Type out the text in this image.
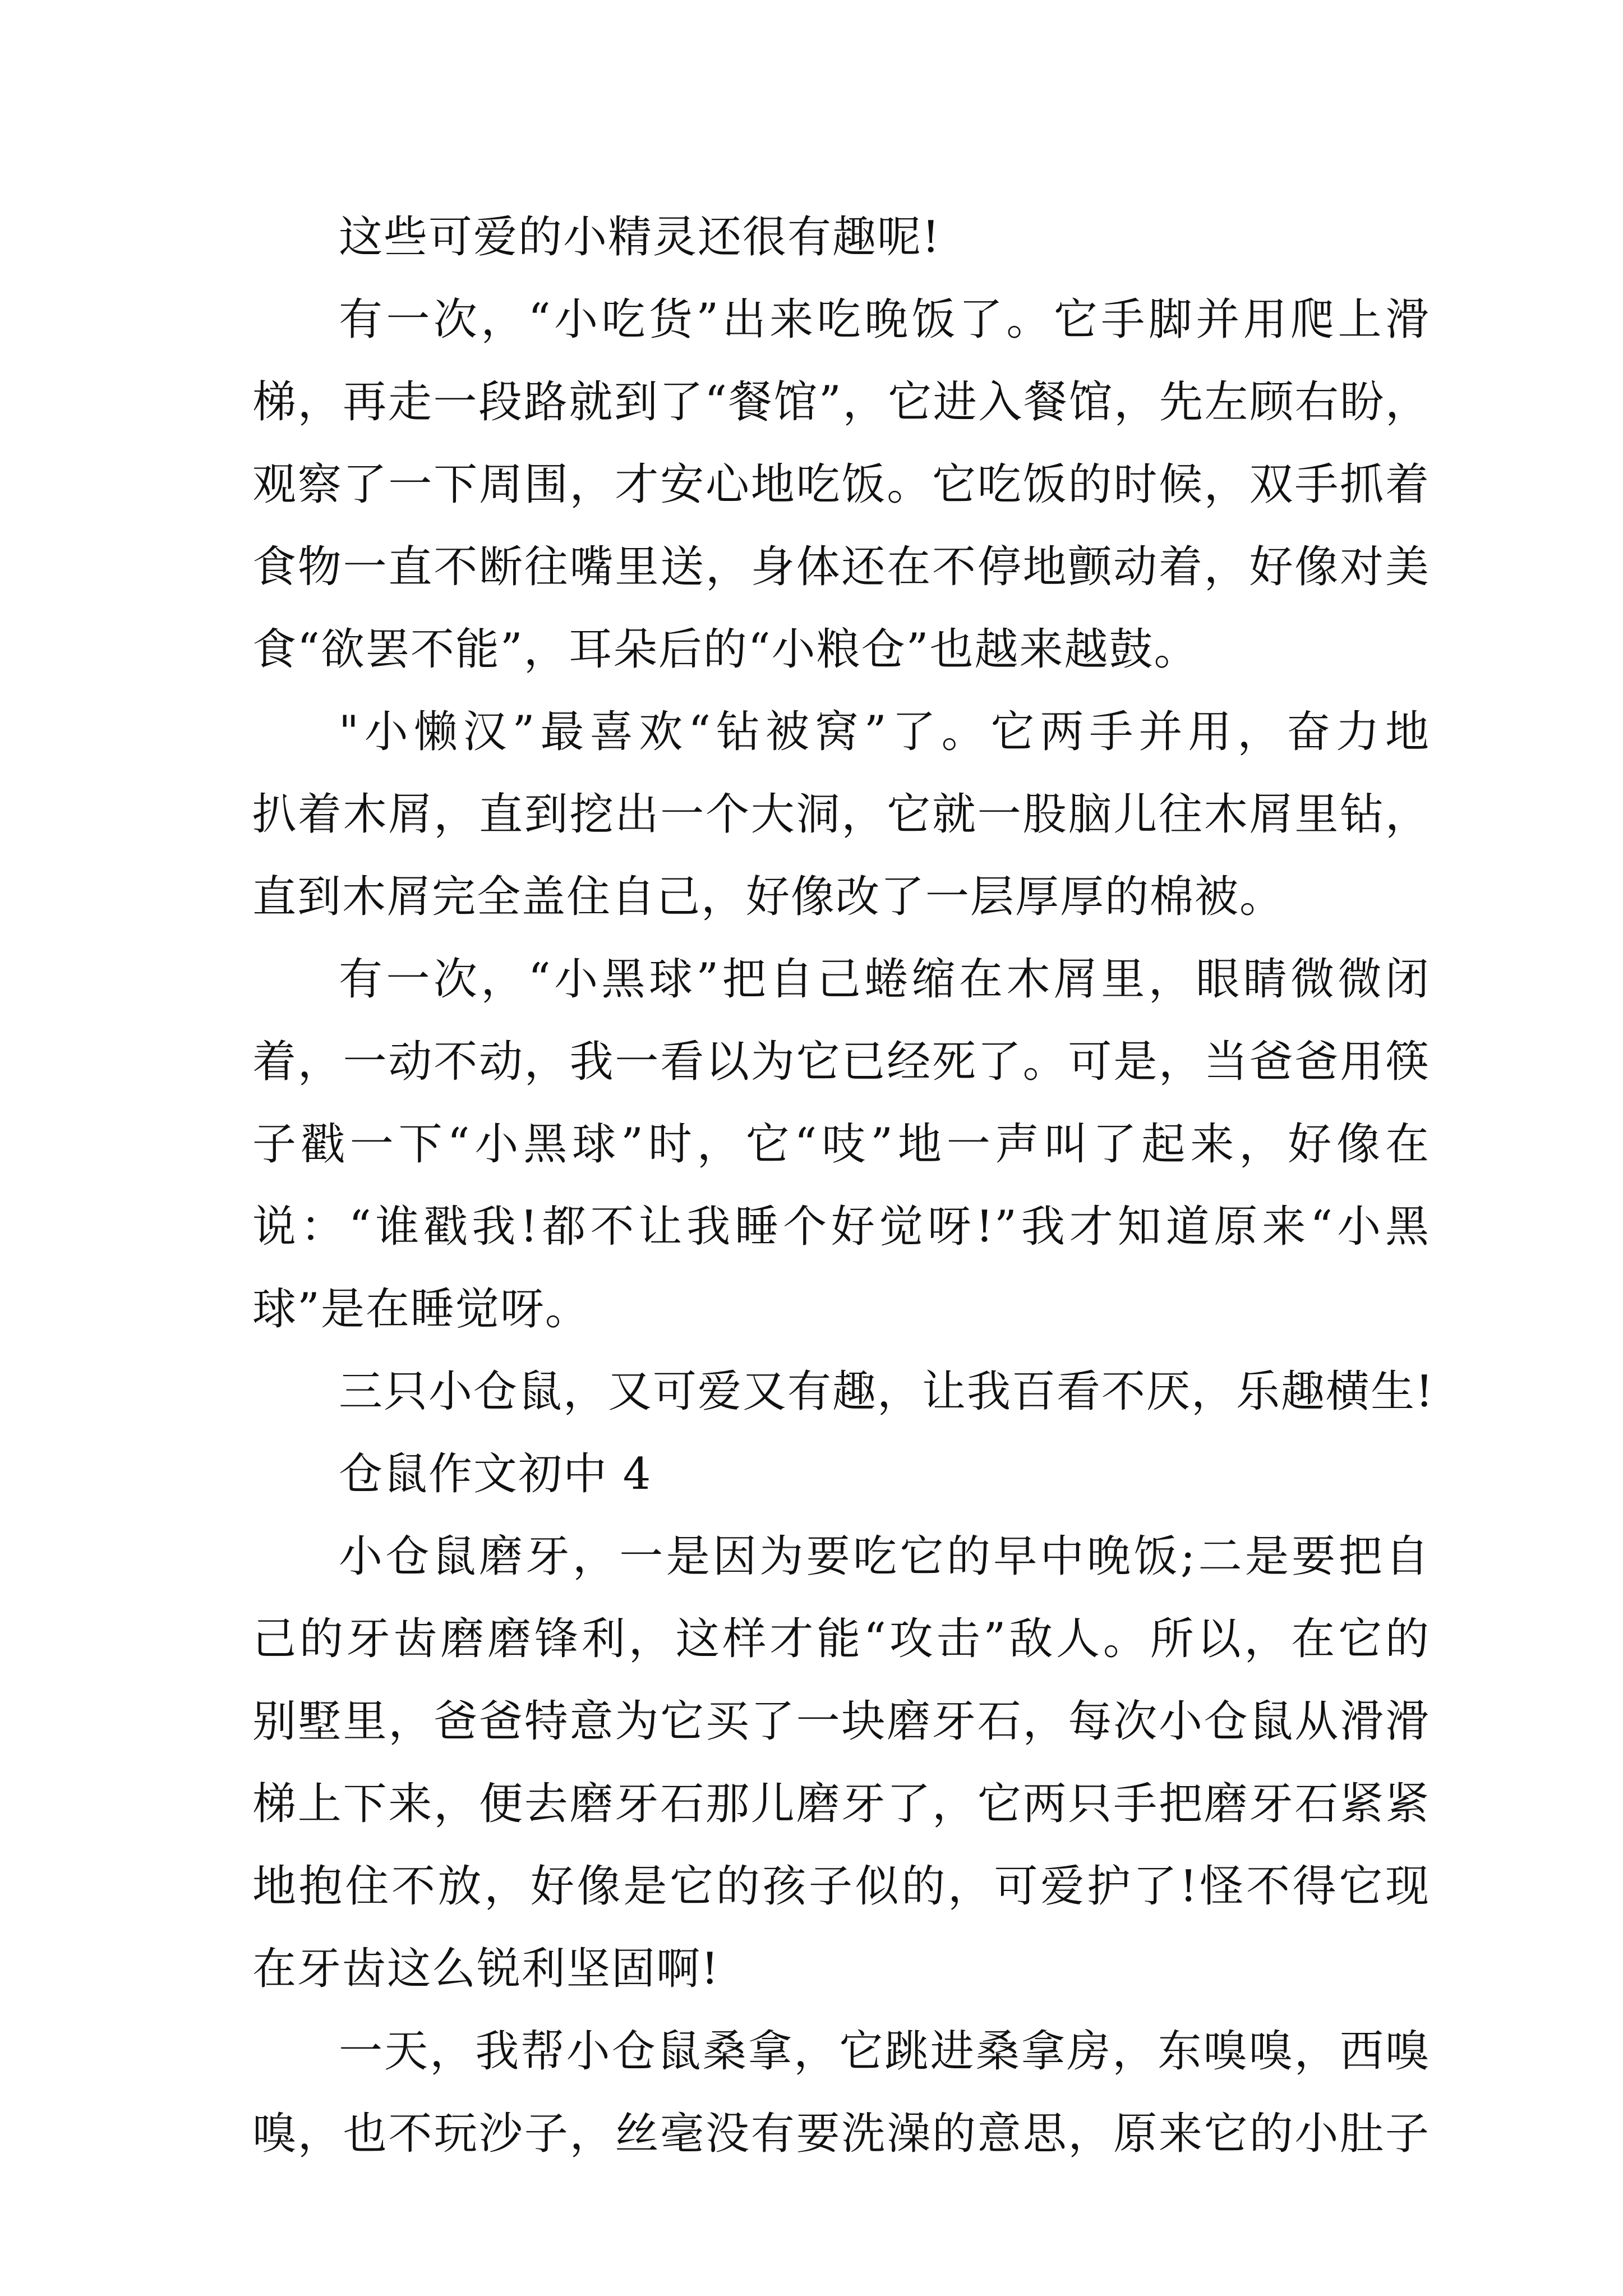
这些可爱的小精灵还很有趣呢!
有一次，“小吃货”出来吃晚饭了。它手脚并用爬上滑
梯，再走一段路就到了“餐馆”，它进入餐馆，先左顾右盼，
观察了一下周围，才安心地吃饭。它吃饭的时候，双手抓着
食物一直不断往嘴里送，身体还在不停地颤动着，好像对美
食“欲罢不能”，耳朵后的“小粮仓”也越来越鼓。
"小懒汉”最喜欢“钻被窝”了。它两手并用，奋力地
扒着木屑，直到挖出一个大洞，它就一股脑儿往木屑里钻，
直到木屑完全盖住自己，好像改了一层厚厚的棉被。
有一次，“小黑球”把自己蜷缩在木屑里，眼睛微微闭
着，一动不动，我一看以为它已经死了。可是，当爸爸用筷
子戳一下“小黑球”时，它“吱”地一声叫了起来，好像在
说：“谁戳我!都不让我睡个好觉呀!”我才知道原来“小黑
球”是在睡觉呀。
三只小仓鼠，又可爱又有趣，让我百看不厌，乐趣横生!
仓鼠作文初中 4
小仓鼠磨牙，一是因为要吃它的早中晚饭;二是要把自
己的牙齿磨磨锋利，这样才能“攻击”敌人。所以，在它的
别墅里，爸爸特意为它买了一块磨牙石，每次小仓鼠从滑滑
梯上下来，便去磨牙石那儿磨牙了，它两只手把磨牙石紧紧
地抱住不放，好像是它的孩子似的，可爱护了!怪不得它现
在牙齿这么锐利坚固啊!
一天，我帮小仓鼠桑拿，它跳进桑拿房，东嗅嗅，西嗅
嗅，也不玩沙子，丝毫没有要洗澡的意思，原来它的小肚子
